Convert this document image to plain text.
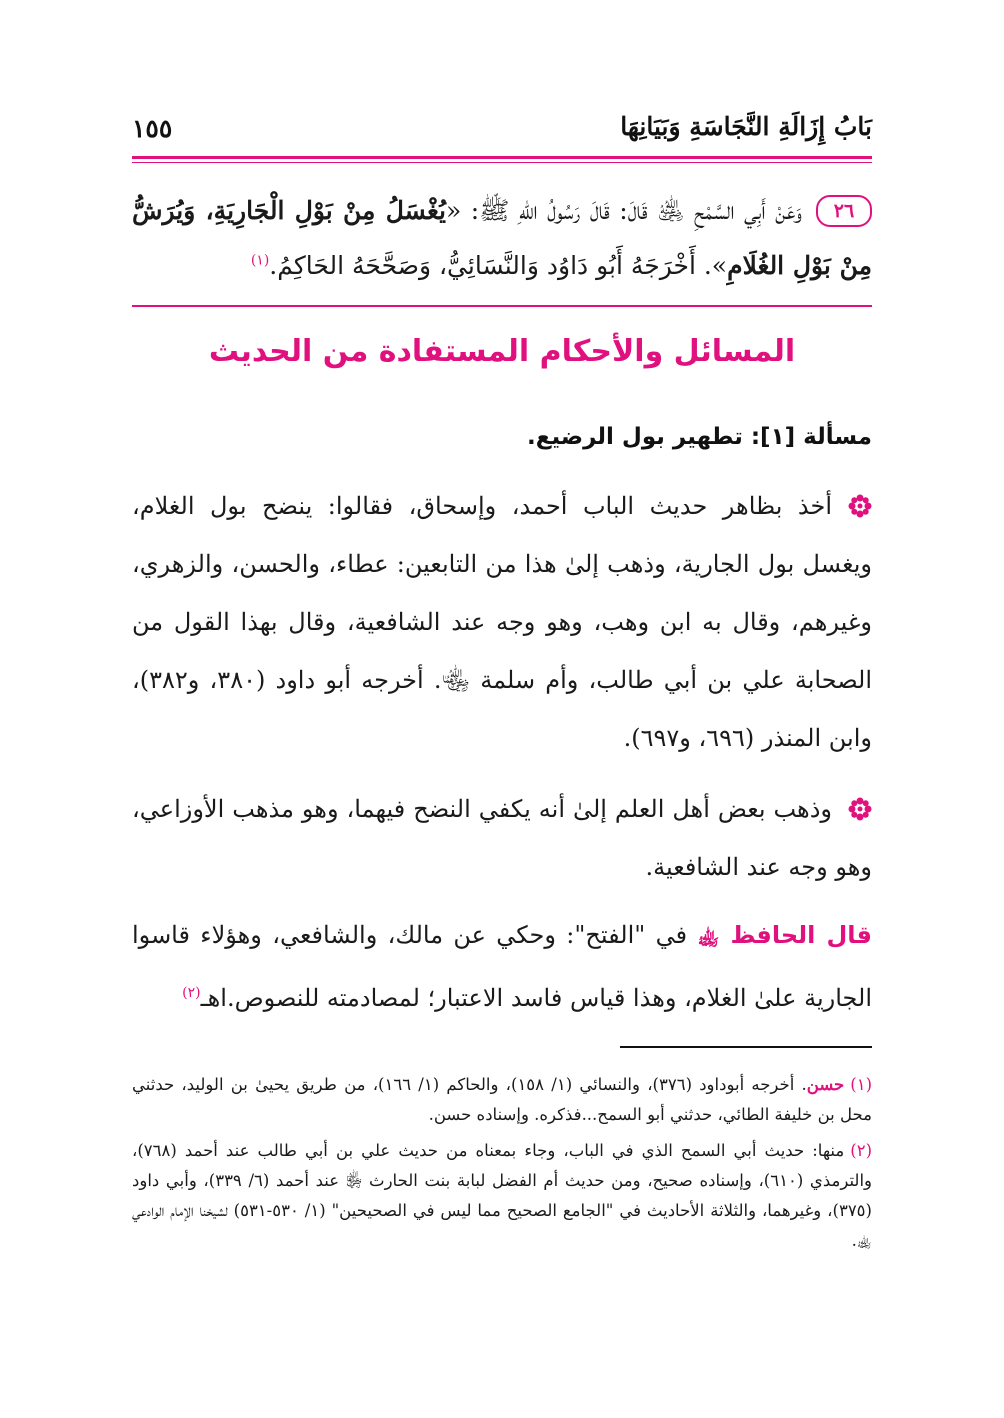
بَابُ إِزَالَةِ النَّجَاسَةِ وَبَيَانِهَا
١٥٥
٢٦وَعَنْ أَبِي السَّمْحِ ﵁ قَالَ: قَالَ رَسُولُ اللهِ ﷺ: «يُغْسَلُ مِنْ بَوْلِ الْجَارِيَةِ، وَيُرَشُّ مِنْ بَوْلِ الغُلَامِ». أَخْرَجَهُ أَبُو دَاوُد وَالنَّسَائِيُّ، وَصَحَّحَهُ الحَاكِمُ.$^{(١)}$
المسائل والأحكام المستفادة من الحديث
مسألة [١]: تطهير بول الرضيع.
أخذ بظاهر حديث الباب أحمد، وإسحاق، فقالوا: ينضح بول الغلام، ويغسل بول الجارية، وذهب إلىٰ هذا من التابعين: عطاء، والحسن، والزهري، وغيرهم، وقال به ابن وهب، وهو وجه عند الشافعية، وقال بهذا القول من الصحابة علي بن أبي طالب، وأم سلمة ﵄. أخرجه أبو داود (٣٨٠، و٣٨٢)، وابن المنذر (٦٩٦، و٦٩٧).
وذهب بعض أهل العلم إلىٰ أنه يكفي النضح فيهما، وهو مذهب الأوزاعي، وهو وجه عند الشافعية.
قال الحافظ ﵀ في "الفتح": وحكي عن مالك، والشافعي، وهؤلاء قاسوا الجارية علىٰ الغلام، وهذا قياس فاسد الاعتبار؛ لمصادمته للنصوص.اهـ$^{(٢)}$
(١)حسن. أخرجه أبوداود (٣٧٦)، والنسائي (١/ ١٥٨)، والحاكم (١/ ١٦٦)، من طريق يحيىٰ بن الوليد، حدثني محل بن خليفة الطائي، حدثني أبو السمح...فذكره. وإسناده حسن.
(٢)منها: حديث أبي السمح الذي في الباب، وجاء بمعناه من حديث علي بن أبي طالب عند أحمد (٧٦٨)، والترمذي (٦١٠)، وإسناده صحيح، ومن حديث أم الفضل لبابة بنت الحارث ﵂ عند أحمد (٦/ ٣٣٩)، وأبي داود (٣٧٥)، وغيرهما، والثلاثة الأحاديث في "الجامع الصحيح مما ليس في الصحيحين" (١/ ٥٣٠-٥٣١) لشيخنا الإمام الوادعي ﵀.
